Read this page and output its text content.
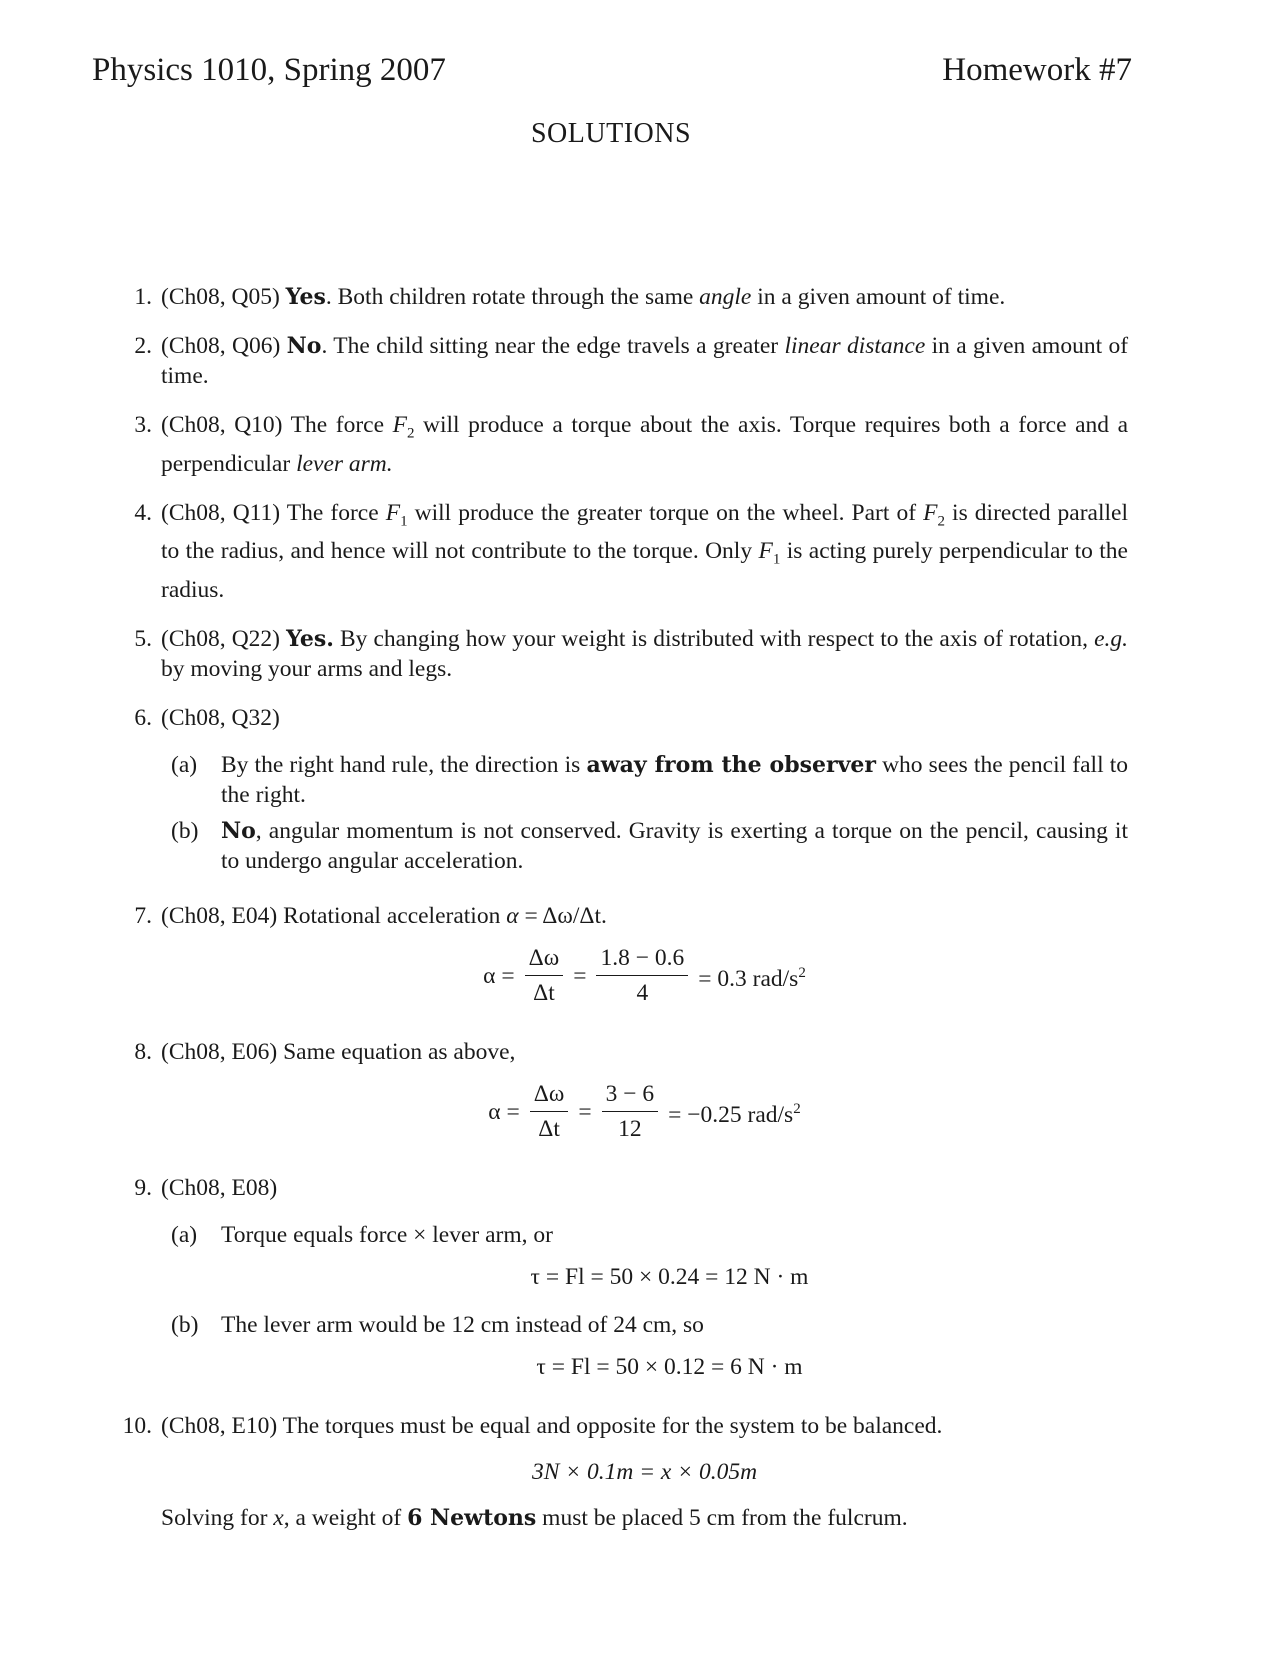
Physics 1010, Spring 2007	Homework #7
SOLUTIONS
1. (Ch08, Q05) Yes. Both children rotate through the same angle in a given amount of time.
2. (Ch08, Q06) No. The child sitting near the edge travels a greater linear distance in a given amount of time.
3. (Ch08, Q10) The force $F_2$ will produce a torque about the axis. Torque requires both a force and a perpendicular lever arm.
4. (Ch08, Q11) The force $F_1$ will produce the greater torque on the wheel. Part of $F_2$ is directed parallel to the radius, and hence will not contribute to the torque. Only $F_1$ is acting purely perpendicular to the radius.
5. (Ch08, Q22) Yes. By changing how your weight is distributed with respect to the axis of rotation, e.g. by moving your arms and legs.
6. (Ch08, Q32)
(a)	By the right hand rule, the direction is away from the observer who sees the pencil fall to the right.
(b)	No, angular momentum is not conserved. Gravity is exerting a torque on the pencil, causing it to undergo angular acceleration.
7. (Ch08, E04) Rotational acceleration α = Δω/Δt.
$\alpha = \frac{\Delta\omega}{\Delta t} = \frac{1.8 - 0.6}{4} = 0.3$ rad/$s^2$
8. (Ch08, E06) Same equation as above,
$\alpha = \frac{\Delta\omega}{\Delta t} = \frac{3 - 6}{12} = -0.25$ rad/$s^2$
9. (Ch08, E08)
(a)	Torque equals force × lever arm, or
τ = Fl = 50 × 0.24 = 12 N · m
(b) The lever arm would be 12 cm instead of 24 cm, so
τ = Fl = 50 × 0.12 = 6 N · m
10. (Ch08, E10) The torques must be equal and opposite for the system to be balanced.
3N × 0.1m = x × 0.05m
Solving for x, a weight of 6 Newtons must be placed 5 cm from the fulcrum.
